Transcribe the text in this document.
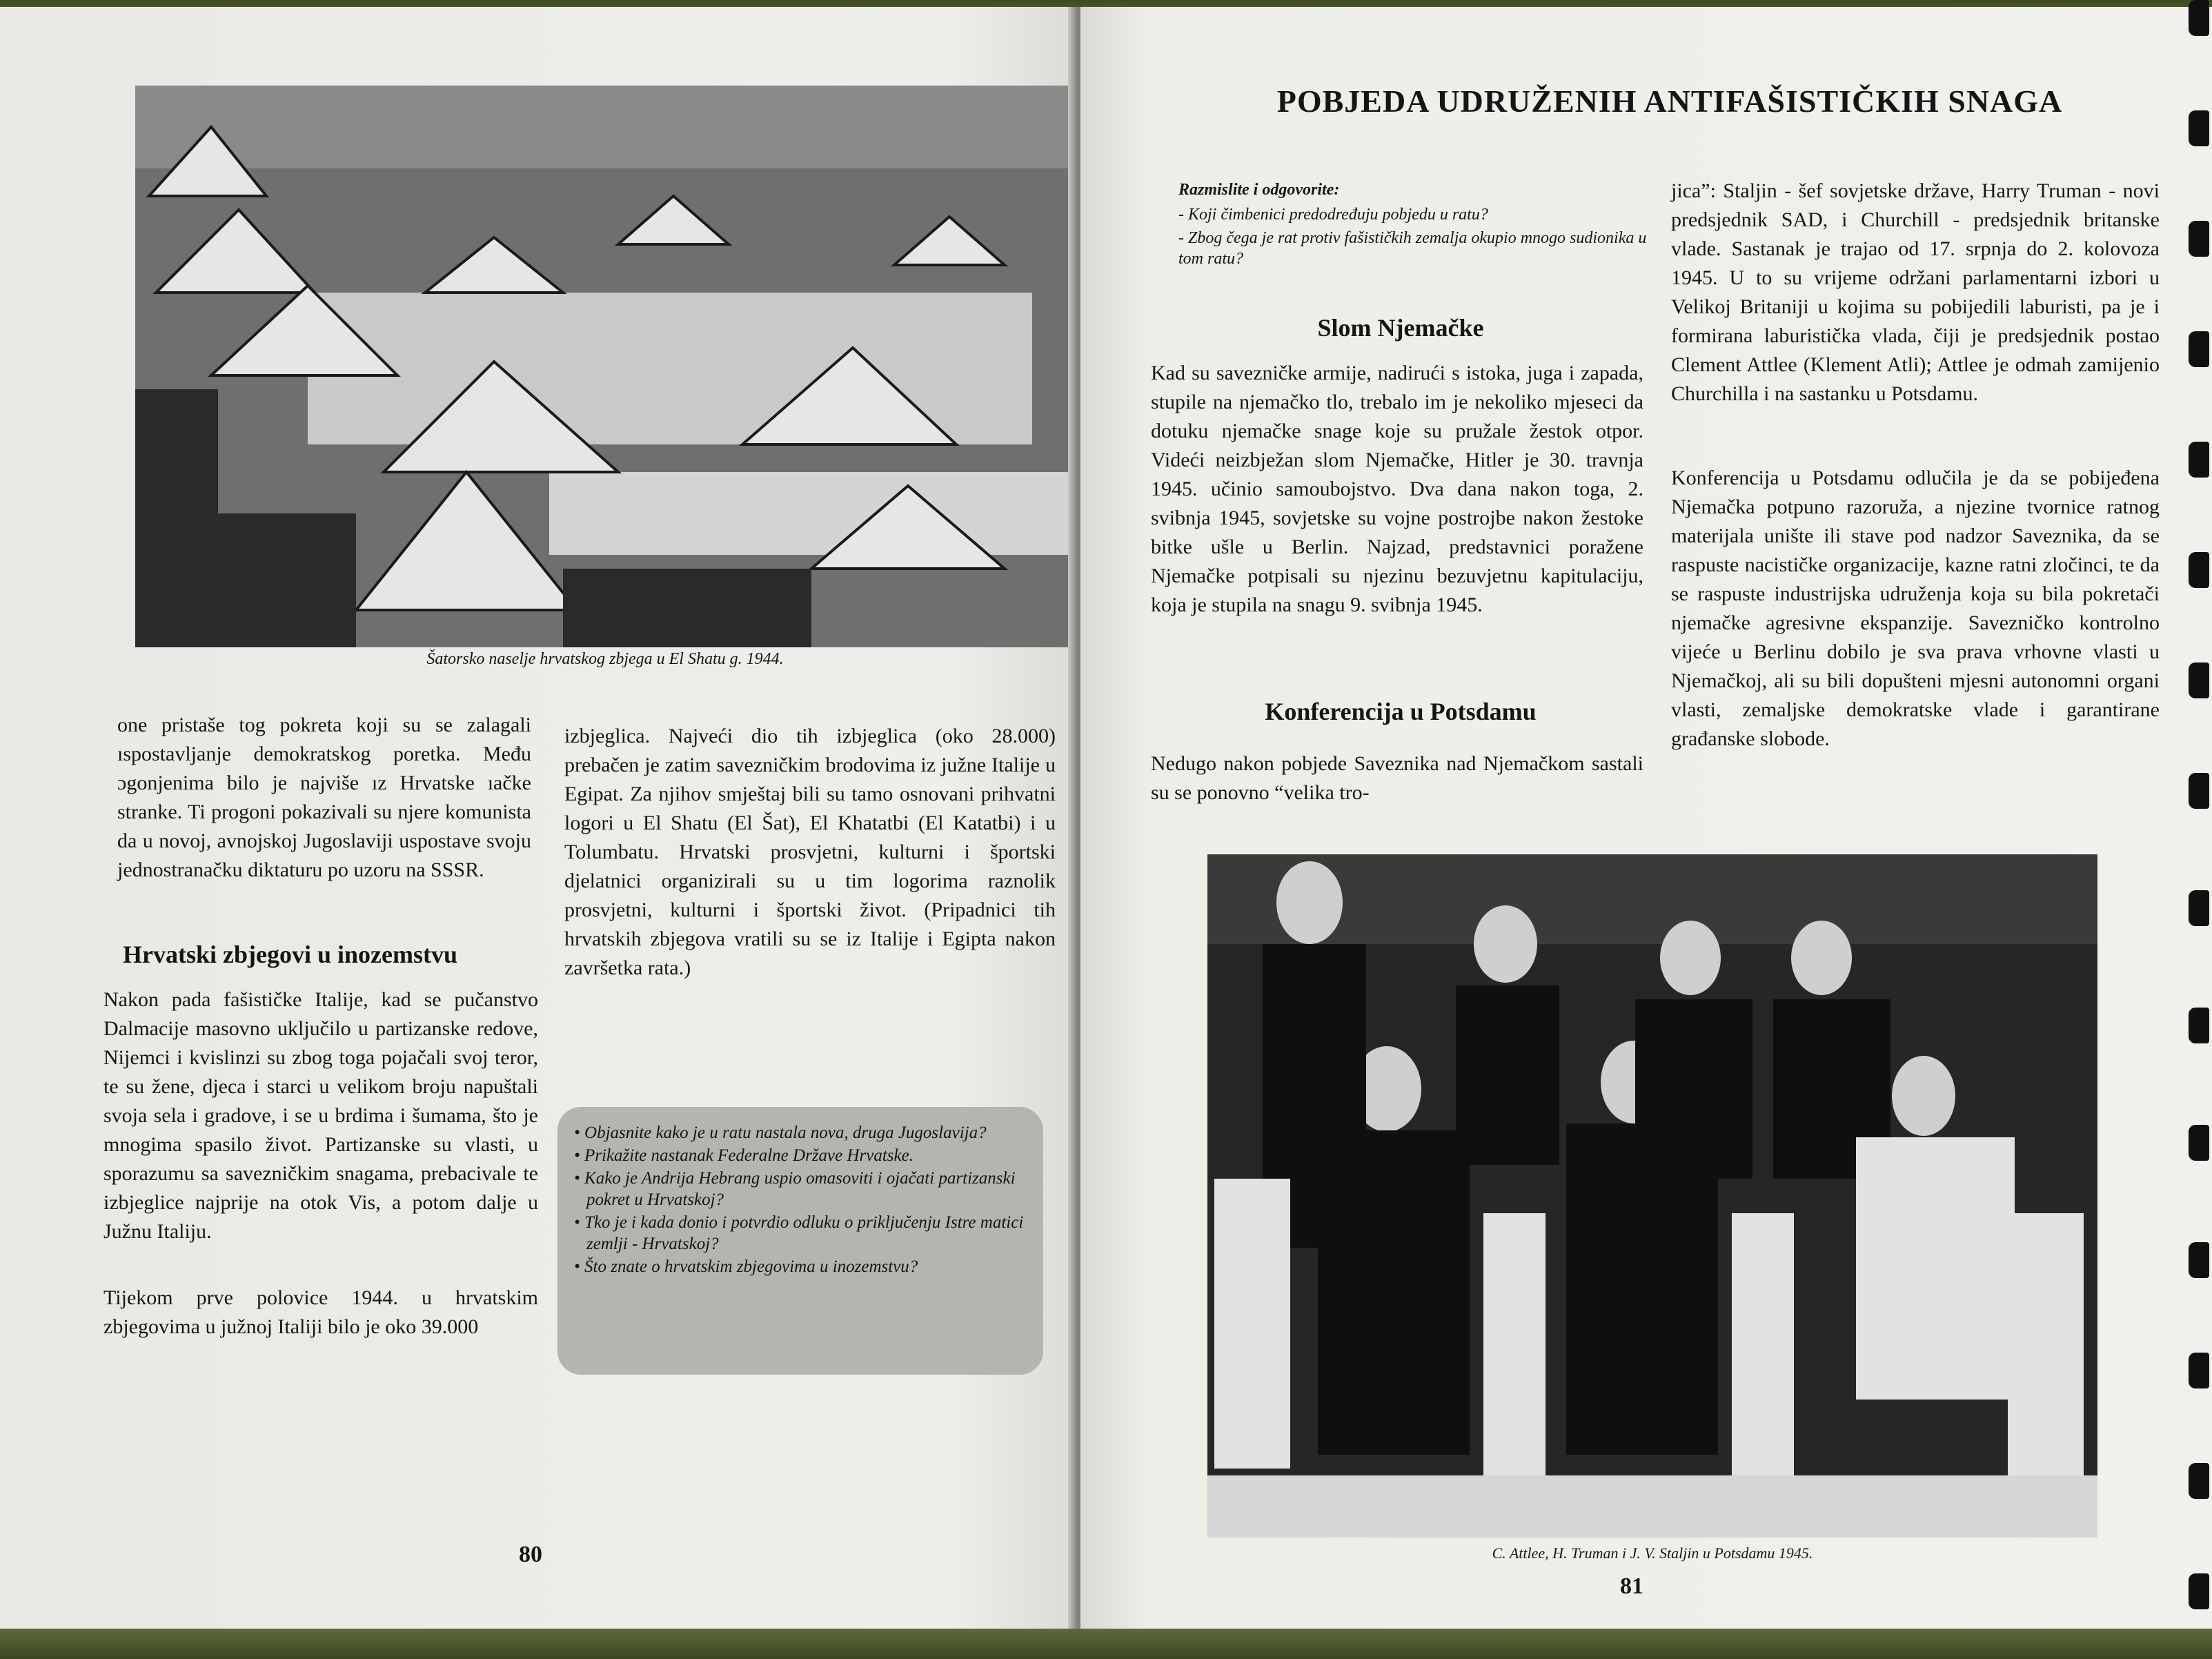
Šatorsko naselje hrvatskog zbjega u El Shatu g. 1944.

one pristaše tog pokreta koji su se zalagali ıspostavljanje demokratskog poretka. Među ɔgonjenima bilo je najviše ız Hrvatske ıačke stranke. Ti progoni pokazivali su njere komunista da u novoj, avnojskoj Jugoslaviji uspostave svoju jednostranačku diktaturu po uzoru na SSSR.

Hrvatski zbjegovi u inozemstvu

Nakon pada fašističke Italije, kad se pučanstvo Dalmacije masovno uključilo u partizanske redove, Nijemci i kvislinzi su zbog toga pojačali svoj teror, te su žene, djeca i starci u velikom broju napuštali svoja sela i gradove, i se u brdima i šumama, što je mnogima spasilo život. Partizanske su vlasti, u sporazumu sa savezničkim snagama, prebacivale te izbjeglice najprije na otok Vis, a potom dalje u Južnu Italiju.

Tijekom prve polovice 1944. u hrvatskim zbjegovima u južnoj Italiji bilo je oko 39.000

izbjeglica. Najveći dio tih izbjeglica (oko 28.000) prebačen je zatim savezničkim brodovima iz južne Italije u Egipat. Za njihov smještaj bili su tamo osnovani prihvatni logori u El Shatu (El Šat), El Khatatbi (El Katatbi) i u Tolumbatu. Hrvatski prosvjetni, kulturni i športski djelatnici organizirali su u tim logorima raznolik prosvjetni, kulturni i športski život. (Pripadnici tih hrvatskih zbjegova vratili su se iz Italije i Egipta nakon završetka rata.)

• Objasnite kako je u ratu nastala nova, druga Jugoslavija?
• Prikažite nastanak Federalne Države Hrvatske.
• Kako je Andrija Hebrang uspio omasoviti i ojačati partizanski pokret u Hrvatskoj?
• Tko je i kada donio i potvrdio odluku o priključenju Istre matici zemlji - Hrvatskoj?
• Što znate o hrvatskim zbjegovima u inozemstvu?
80
POBJEDA UDRUŽENIH ANTIFAŠISTIČKIH SNAGA
Razmislite i odgovorite:
- Koji čimbenici predodređuju pobjedu u ratu?
- Zbog čega je rat protiv fašističkih zemalja okupio mnogo sudionika u tom ratu?
Slom Njemačke

Kad su savezničke armije, nadirući s istoka, juga i zapada, stupile na njemačko tlo, trebalo im je nekoliko mjeseci da dotuku njemačke snage koje su pružale žestok otpor. Videći neizbježan slom Njemačke, Hitler je 30. travnja 1945. učinio samoubojstvo. Dva dana nakon toga, 2. svibnja 1945, sovjetske su vojne postrojbe nakon žestoke bitke ušle u Berlin. Najzad, predstavnici poražene Njemačke potpisali su njezinu bezuvjetnu kapitulaciju, koja je stupila na snagu 9. svibnja 1945.

Konferencija u Potsdamu

Nedugo nakon pobjede Saveznika nad Njemačkom sastali su se ponovno “velika tro-

jica”: Staljin - šef sovjetske države, Harry Truman - novi predsjednik SAD, i Churchill - predsjednik britanske vlade. Sastanak je trajao od 17. srpnja do 2. kolovoza 1945. U to su vrijeme održani parlamentarni izbori u Velikoj Britaniji u kojima su pobijedili laburisti, pa je i formirana laburistička vlada, čiji je predsjednik postao Clement Attlee (Klement Atli); Attlee je odmah zamijenio Churchilla i na sastanku u Potsdamu.

Konferencija u Potsdamu odlučila je da se pobijeđena Njemačka potpuno razoruža, a njezine tvornice ratnog materijala unište ili stave pod nadzor Saveznika, da se raspuste nacističke organizacije, kazne ratni zločinci, te da se raspuste industrijska udruženja koja su bila pokretači njemačke agresivne ekspanzije. Savezničko kontrolno vijeće u Berlinu dobilo je sva prava vrhovne vlasti u Njemačkoj, ali su bili dopušteni mjesni autonomni organi vlasti, zemaljske demokratske vlade i garantirane građanske slobode.

C. Attlee, H. Truman i J. V. Staljin u Potsdamu 1945.
81
